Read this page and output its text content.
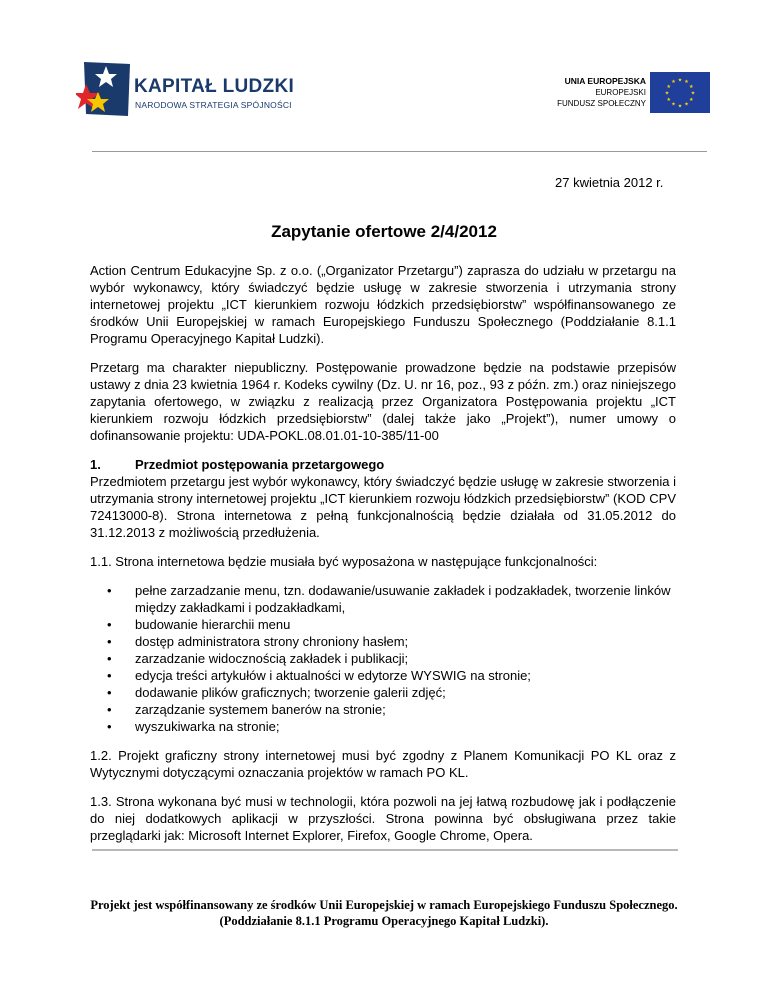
KAPITAŁ LUDZKI
NARODOWA STRATEGIA SPÓJNOŚCI
UNIA EUROPEJSKA
EUROPEJSKI
FUNDUSZ SPOŁECZNY
★ ★
★
★
★
★
★
★
★
★
★
★
27 kwietnia 2012 r.
Zapytanie ofertowe 2/4/2012

Action Centrum Edukacyjne Sp. z o.o. („Organizator Przetargu”) zaprasza do udziału w przetargu na wybór wykonawcy, który świadczyć będzie usługę w zakresie stworzenia i utrzymania strony internetowej projektu „ICT kierunkiem rozwoju łódzkich przedsiębiorstw” współfinansowanego ze środków Unii Europejskiej w ramach Europejskiego Funduszu Społecznego (Poddziałanie 8.1.1 Programu Operacyjnego Kapitał Ludzki).

Przetarg ma charakter niepubliczny. Postępowanie prowadzone będzie na podstawie przepisów ustawy z dnia 23 kwietnia 1964 r. Kodeks cywilny (Dz. U. nr 16, poz., 93 z późn. zm.) oraz niniejszego zapytania ofertowego, w związku z realizacją przez Organizatora Postępowania projektu „ICT kierunkiem rozwoju łódzkich przedsiębiorstw” (dalej także jako „Projekt”), numer umowy o dofinansowanie projektu: UDA-POKL.08.01.01-10-385/11-00

1.	Przedmiot postępowania przetargowego

Przedmiotem przetargu jest wybór wykonawcy, który świadczyć będzie usługę w zakresie stworzenia i utrzymania strony internetowej projektu „ICT kierunkiem rozwoju łódzkich przedsiębiorstw” (KOD CPV 72413000-8). Strona internetowa z pełną funkcjonalnością będzie działała od 31.05.2012 do 31.12.2013 z możliwością przedłużenia.

1.1. Strona internetowa będzie musiała być wyposażona w następujące funkcjonalności:

• pełne zarzadzanie menu, tzn. dodawanie/usuwanie zakładek i podzakładek, tworzenie linków między zakładkami i podzakładkami,
• budowanie hierarchii menu
• dostęp administratora strony chroniony hasłem;
• zarzadzanie widocznością zakładek i publikacji;
• edycja treści artykułów i aktualności w edytorze WYSWIG na stronie;
• dodawanie plików graficznych; tworzenie galerii zdjęć;
• zarządzanie systemem banerów na stronie;
• wyszukiwarka na stronie;

1.2. Projekt graficzny strony internetowej musi być zgodny z Planem Komunikacji PO KL oraz z Wytycznymi dotyczącymi oznaczania projektów w ramach PO KL.

1.3. Strona wykonana być musi w technologii, która pozwoli na jej łatwą rozbudowę jak i podłączenie do niej dodatkowych aplikacji w przyszłości. Strona powinna być obsługiwana przez takie przeglądarki jak: Microsoft Internet Explorer, Firefox, Google Chrome, Opera.

Projekt jest współfinansowany ze środków Unii Europejskiej w ramach Europejskiego Funduszu Społecznego.
(Poddziałanie 8.1.1 Programu Operacyjnego Kapitał Ludzki).
